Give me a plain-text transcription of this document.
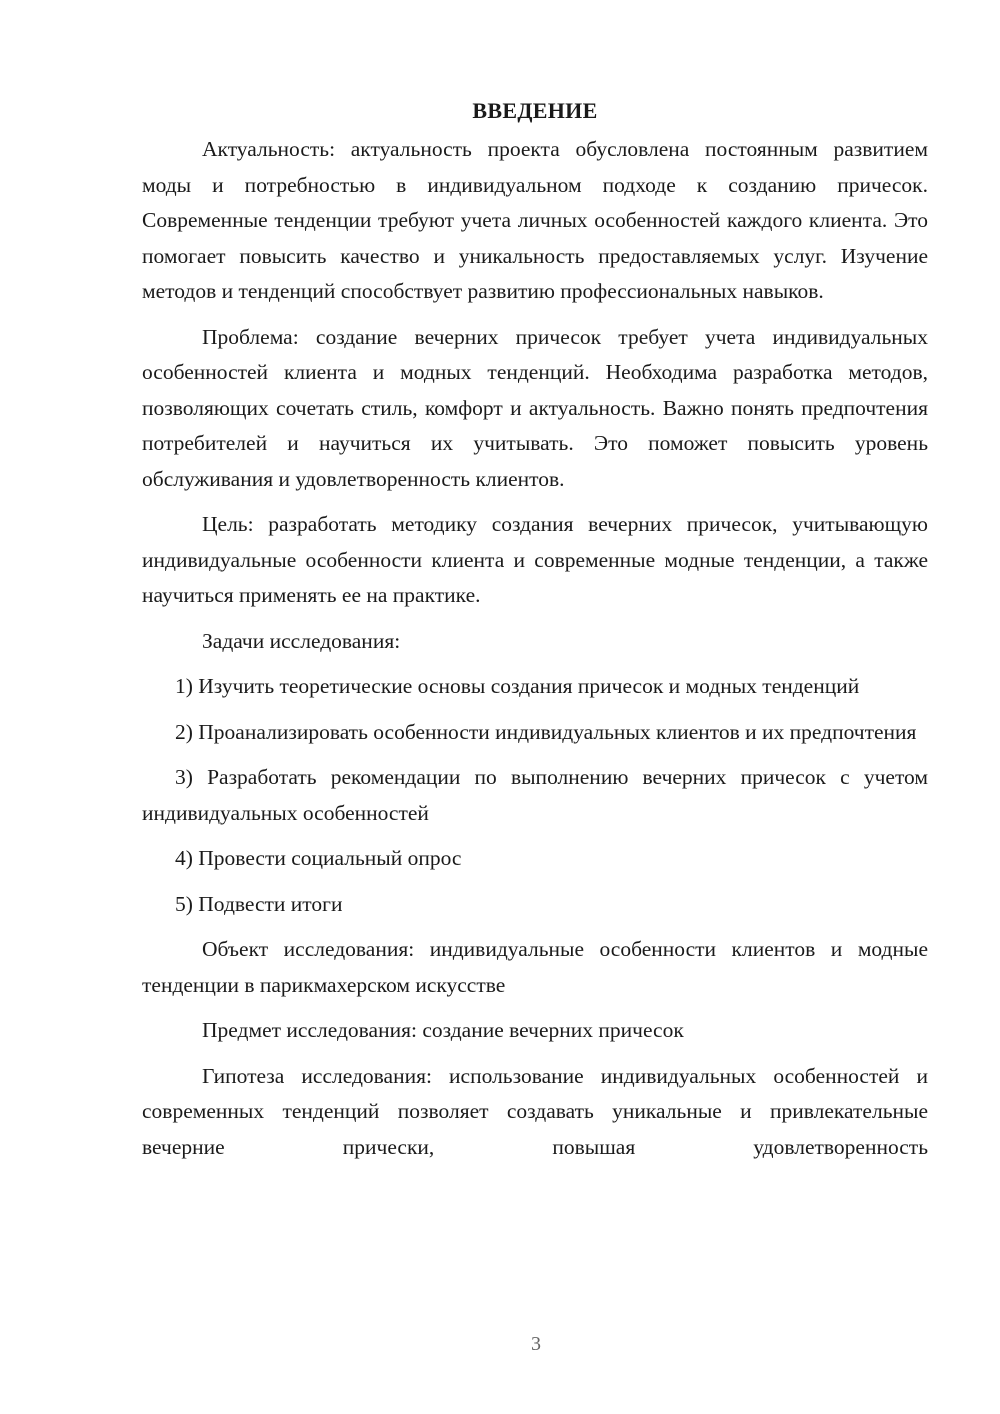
ВВЕДЕНИЕ

Актуальность: актуальность проекта обусловлена постоянным развитием моды и потребностью в индивидуальном подходе к созданию причесок. Современные тенденции требуют учета личных особенностей каждого клиента. Это помогает повысить качество и уникальность предоставляемых услуг. Изучение методов и тенденций способствует развитию профессиональных навыков.

Проблема: создание вечерних причесок требует учета индивидуальных особенностей клиента и модных тенденций. Необходима разработка методов, позволяющих сочетать стиль, комфорт и актуальность. Важно понять предпочтения потребителей и научиться их учитывать. Это поможет повысить уровень обслуживания и удовлетворенность клиентов.

Цель: разработать методику создания вечерних причесок, учитывающую индивидуальные особенности клиента и современные модные тенденции, а также научиться применять ее на практике.

Задачи исследования:

1) Изучить теоретические основы создания причесок и модных тенденций

2) Проанализировать особенности индивидуальных клиентов и их предпочтения

3) Разработать рекомендации по выполнению вечерних причесок с учетом индивидуальных особенностей

4) Провести социальный опрос

5) Подвести итоги

Объект исследования: индивидуальные особенности клиентов и модные тенденции в парикмахерском искусстве

Предмет исследования: создание вечерних причесок

Гипотеза исследования: использование индивидуальных особенностей и современных тенденций позволяет создавать уникальные и привлекательные вечерние прически, повышая удовлетворенность

3
